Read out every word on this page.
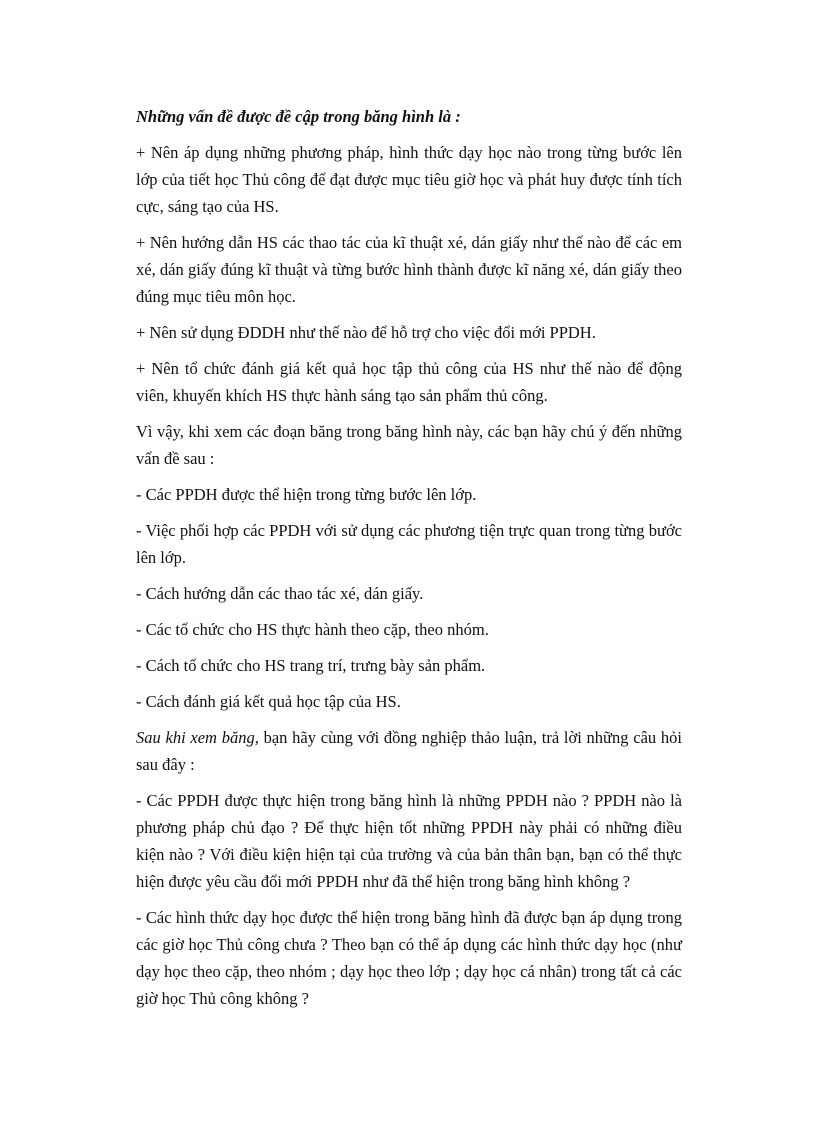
Những vấn đề được đề cập trong băng hình là :

+ Nên áp dụng những phương pháp, hình thức dạy học nào trong từng bước lên lớp của tiết học Thủ công để đạt được mục tiêu giờ học và phát huy được tính tích cực, sáng tạo của HS.

+ Nên hướng dẫn HS các thao tác của kĩ thuật xé, dán giấy như thế nào để các em xé, dán giấy đúng kĩ thuật và từng bước hình thành được kĩ năng xé, dán giấy theo đúng mục tiêu môn học.

+ Nên sử dụng ĐDDH như thế nào để hỗ trợ cho việc đổi mới PPDH.

+ Nên tổ chức đánh giá kết quả học tập thủ công của HS như thế nào để động viên, khuyến khích HS thực hành sáng tạo sản phẩm thủ công.

Vì vậy, khi xem các đoạn băng trong băng hình này, các bạn hãy chú ý đến những vấn đề sau :

- Các PPDH được thể hiện trong từng bước lên lớp.

- Việc phối hợp các PPDH với sử dụng các phương tiện trực quan trong từng bước lên lớp.

- Cách hướng dẫn các thao tác xé, dán giấy.

- Các tổ chức cho HS thực hành theo cặp, theo nhóm.

- Cách tổ chức cho HS trang trí, trưng bày sản phẩm.

- Cách đánh giá kết quả học tập của HS.

Sau khi xem băng, bạn hãy cùng với đồng nghiệp thảo luận, trả lời những câu hỏi sau đây :

- Các PPDH được thực hiện trong băng hình là những PPDH nào ? PPDH nào là phương pháp chủ đạo ? Để thực hiện tốt những PPDH này phải có những điều kiện nào ? Với điều kiện hiện tại của trường và của bản thân bạn, bạn có thể thực hiện được yêu cầu đổi mới PPDH như đã thể hiện trong băng hình không ?

- Các hình thức dạy học được thể hiện trong băng hình đã được bạn áp dụng trong các giờ học Thủ công chưa ? Theo bạn có thể áp dụng các hình thức dạy học (như dạy học theo cặp, theo nhóm ; dạy học theo lớp ; dạy học cá nhân) trong tất cả các giờ học Thủ công không ?
